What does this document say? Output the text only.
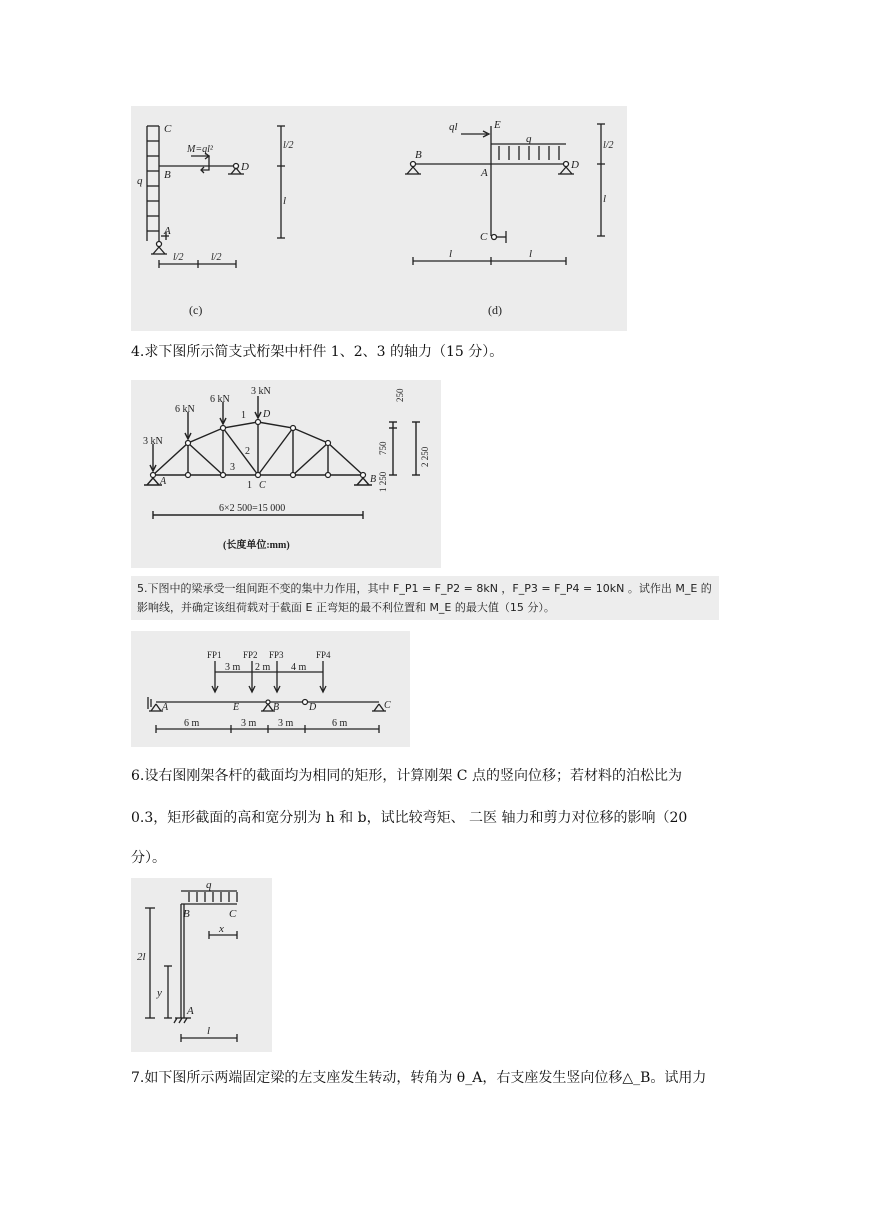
C
B
D
A
q
M=ql²	l/2
l
l/2	l/2
ql	E
B
A
q
D
C
l/2
l
l	l
(c)	(d)
4.求下图所示简支式桁架中杆件 1、2、3 的轴力（15 分）。
3 kN
6 kN
6 kN
3 kN
D
A	C
B
1
2
3
1
250
750
1 250
2 250
6×2 500=15 000
(长度单位:mm)
5.下图中的梁承受一组间距不变的集中力作用，其中 F_P1 = F_P2 = 8kN ，F_P3 = F_P4 = 10kN 。试作出 M_E 的
影响线，并确定该组荷载对于截面 E 正弯矩的最不利位置和 M_E 的最大值（15 分）。
FP1 FP2 FP3	FP4
3 m 2 m 4 m
A	E	B	D	C
6 m	3 m 3 m	6 m
6.设右图刚架各杆的截面均为相同的矩形，计算刚架 C 点的竖向位移；若材料的泊松比为
0.3，矩形截面的高和宽分别为 h 和 b，试比较弯矩、 二医 轴力和剪力对位移的影响（20
分）。
q
B	C
x
2l
y
A
l
7.如下图所示两端固定梁的左支座发生转动，转角为 θ_A，右支座发生竖向位移△_B。试用力
